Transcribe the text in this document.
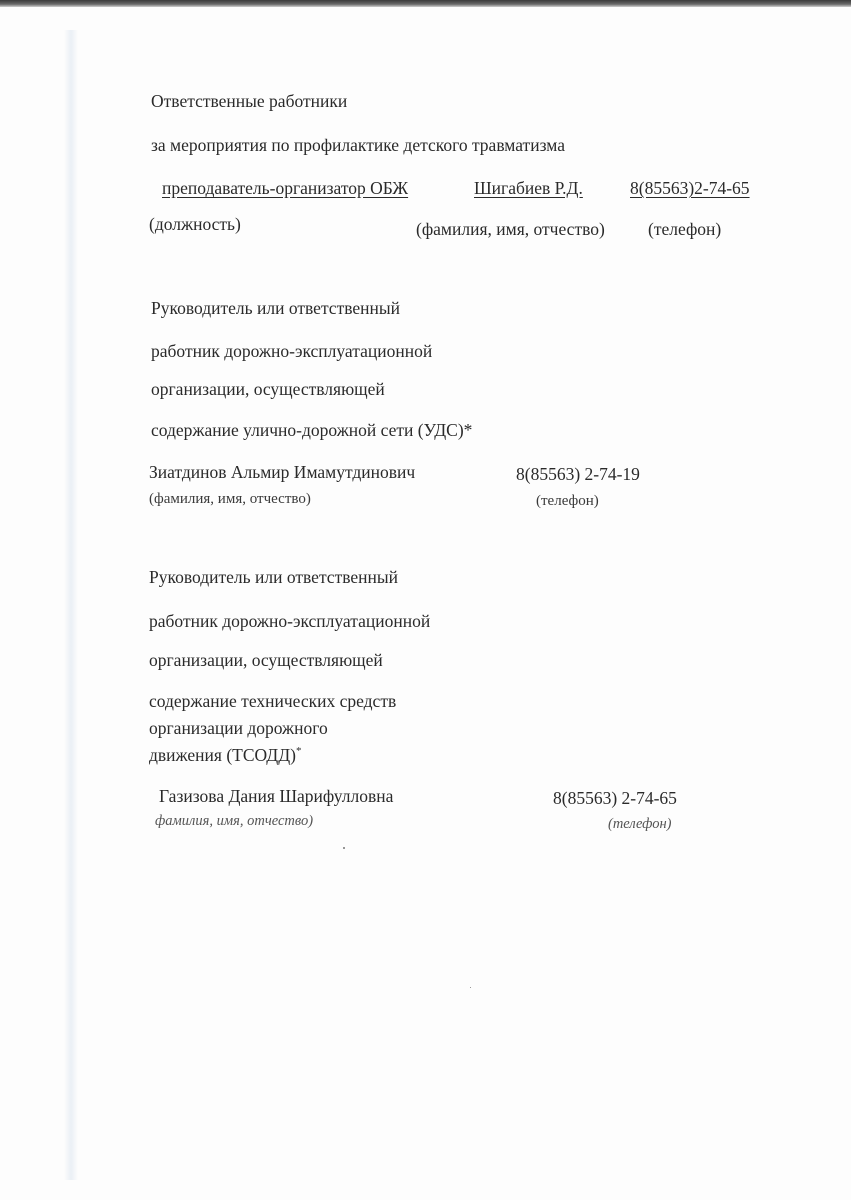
Ответственные работники
за мероприятия по профилактике детского травматизма
преподаватель-организатор ОБЖ	Шигабиев Р.Д.	8(85563)2-74-65
(должность)	(фамилия, имя, отчество) (телефон)
Руководитель или ответственный
работник дорожно-эксплуатационной
организации, осуществляющей
содержание улично-дорожной сети (УДС)*
Зиатдинов Альмир Имамутдинович	8(85563) 2-74-19
(фамилия, имя, отчество)	(телефон)
Руководитель или ответственный
работник дорожно-эксплуатационной
организации, осуществляющей
содержание технических средств
организации дорожного
движения (ТСОДД)*
Газизова Дания Шарифулловна	8(85563) 2-74-65
фамилия, имя, отчество)	(телефон)
